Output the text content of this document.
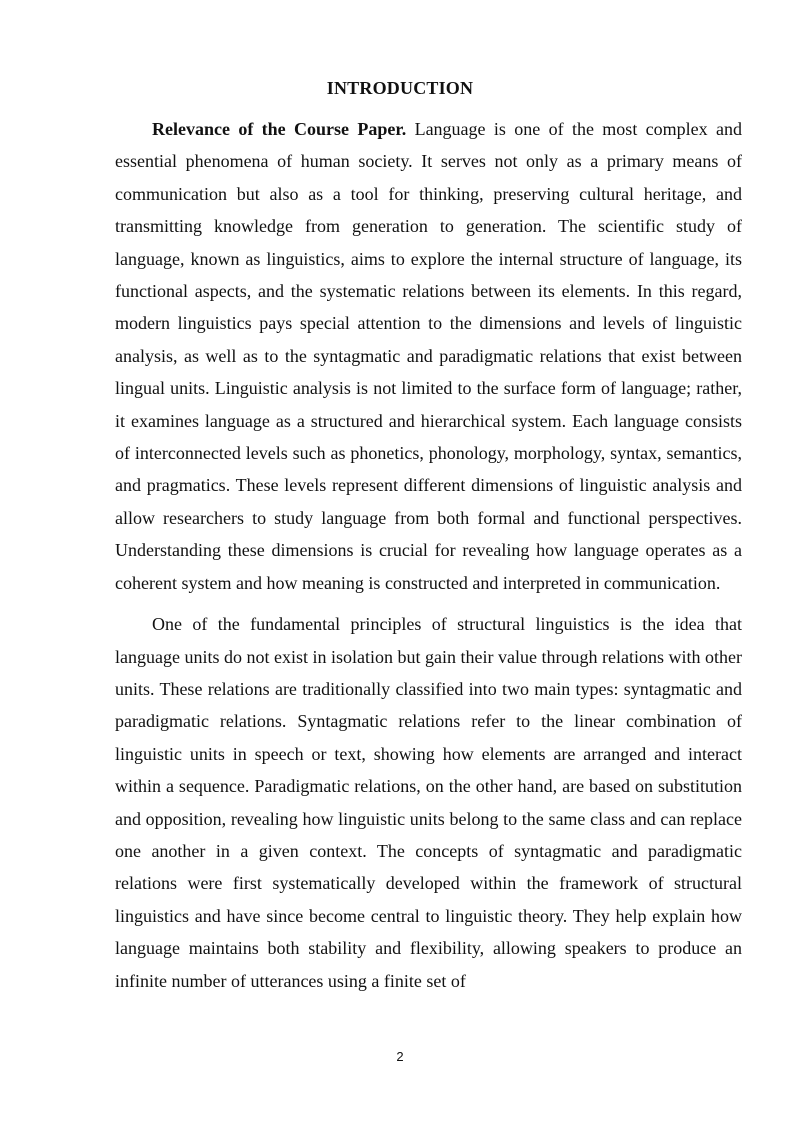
INTRODUCTION

Relevance of the Course Paper. Language is one of the most complex and essential phenomena of human society. It serves not only as a primary means of communication but also as a tool for thinking, preserving cultural heritage, and transmitting knowledge from generation to generation. The scientific study of language, known as linguistics, aims to explore the internal structure of language, its functional aspects, and the systematic relations between its elements. In this regard, modern linguistics pays special attention to the dimensions and levels of linguistic analysis, as well as to the syntagmatic and paradigmatic relations that exist between lingual units. Linguistic analysis is not limited to the surface form of language; rather, it examines language as a structured and hierarchical system. Each language consists of interconnected levels such as phonetics, phonology, morphology, syntax, semantics, and pragmatics. These levels represent different dimensions of linguistic analysis and allow researchers to study language from both formal and functional perspectives. Understanding these dimensions is crucial for revealing how language operates as a coherent system and how meaning is constructed and interpreted in communication.

One of the fundamental principles of structural linguistics is the idea that language units do not exist in isolation but gain their value through relations with other units. These relations are traditionally classified into two main types: syntagmatic and paradigmatic relations. Syntagmatic relations refer to the linear combination of linguistic units in speech or text, showing how elements are arranged and interact within a sequence. Paradigmatic relations, on the other hand, are based on substitution and opposition, revealing how linguistic units belong to the same class and can replace one another in a given context. The concepts of syntagmatic and paradigmatic relations were first systematically developed within the framework of structural linguistics and have since become central to linguistic theory. They help explain how language maintains both stability and flexibility, allowing speakers to produce an infinite number of utterances using a finite set of

2
